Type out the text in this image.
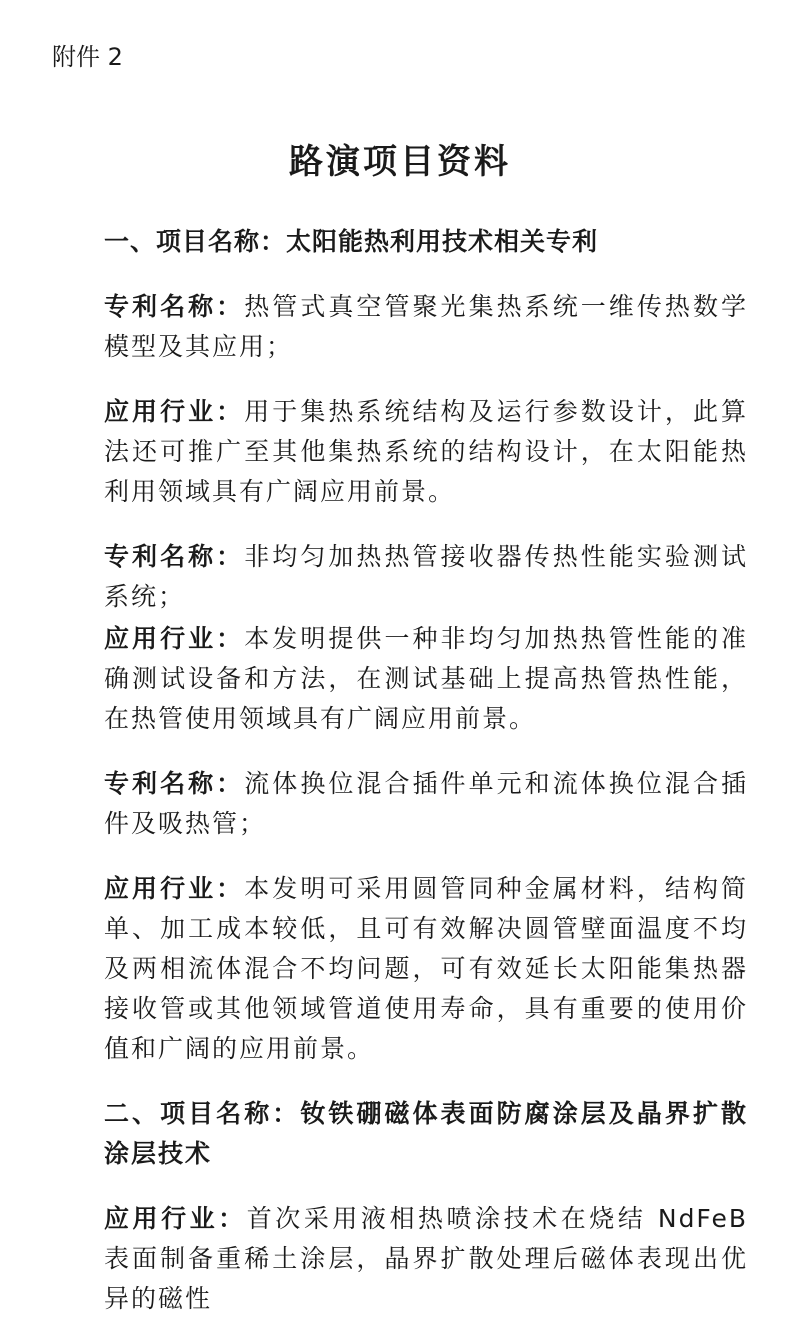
附件 2
路演项目资料

一、项目名称：太阳能热利用技术相关专利

专利名称：热管式真空管聚光集热系统一维传热数学模型及其应用；

应用行业：用于集热系统结构及运行参数设计，此算法还可推广至其他集热系统的结构设计，在太阳能热利用领域具有广阔应用前景。

专利名称：非均匀加热热管接收器传热性能实验测试系统；

应用行业：本发明提供一种非均匀加热热管性能的准确测试设备和方法，在测试基础上提高热管热性能，在热管使用领域具有广阔应用前景。

专利名称：流体换位混合插件单元和流体换位混合插件及吸热管；

应用行业：本发明可采用圆管同种金属材料，结构简单、加工成本较低，且可有效解决圆管壁面温度不均及两相流体混合不均问题，可有效延长太阳能集热器接收管或其他领域管道使用寿命，具有重要的使用价值和广阔的应用前景。

二、项目名称：钕铁硼磁体表面防腐涂层及晶界扩散涂层技术

应用行业：首次采用液相热喷涂技术在烧结 NdFeB 表面制备重稀土涂层，晶界扩散处理后磁体表现出优异的磁性
